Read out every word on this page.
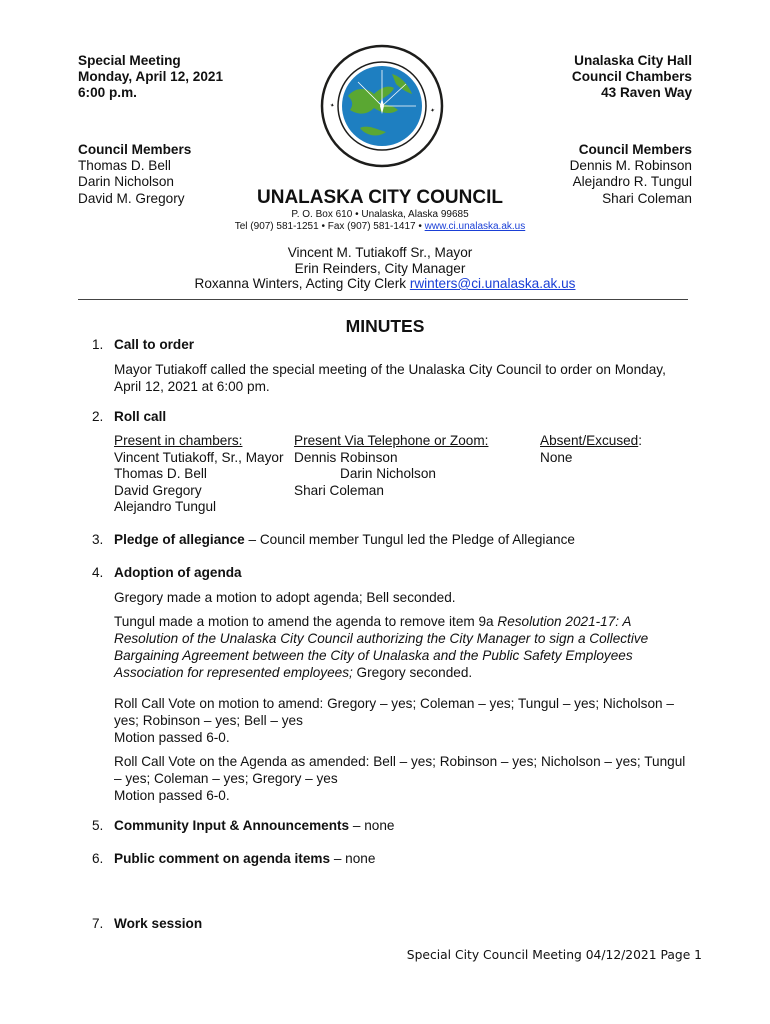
Special Meeting
Monday, April 12, 2021
6:00 p.m.
Council Members
Thomas D. Bell
Darin Nicholson
David M. Gregory
Unalaska City Hall
Council Chambers
43 Raven Way
Council Members
Dennis M. Robinson
Alejandro R. Tungul
Shari Coleman
✦
✦
UNALASKA CITY COUNCIL
P. O. Box 610 • Unalaska, Alaska 99685
Tel (907) 581-1251 • Fax (907) 581-1417 • www.ci.unalaska.ak.us
Vincent M. Tutiakoff Sr., Mayor
Erin Reinders, City Manager
Roxanna Winters, Acting City Clerk rwinters@ci.unalaska.ak.us
MINUTES
1. Call to order
Mayor Tutiakoff called the special meeting of the Unalaska City Council to order on Monday,
April 12, 2021 at 6:00 pm.
2. Roll call
Present in chambers:
Vincent Tutiakoff, Sr., Mayor
Thomas D. Bell
David Gregory
Alejandro Tungul
Present Via Telephone or Zoom:
Dennis Robinson
Darin Nicholson
Shari Coleman
Absent/Excused:
None
3. Pledge of allegiance – Council member Tungul led the Pledge of Allegiance
4. Adoption of agenda
Gregory made a motion to adopt agenda; Bell seconded.
Tungul made a motion to amend the agenda to remove item 9a Resolution 2021-17: A
Resolution of the Unalaska City Council authorizing the City Manager to sign a Collective
Bargaining Agreement between the City of Unalaska and the Public Safety Employees
Association for represented employees; Gregory seconded.
Roll Call Vote on motion to amend: Gregory – yes; Coleman – yes; Tungul – yes; Nicholson –
yes; Robinson – yes; Bell – yes
Motion passed 6-0.
Roll Call Vote on the Agenda as amended: Bell – yes; Robinson – yes; Nicholson – yes; Tungul
– yes; Coleman – yes; Gregory – yes
Motion passed 6-0.
5. Community Input & Announcements – none
6. Public comment on agenda items – none
7. Work session
Special City Council Meeting 04/12/2021 Page 1
